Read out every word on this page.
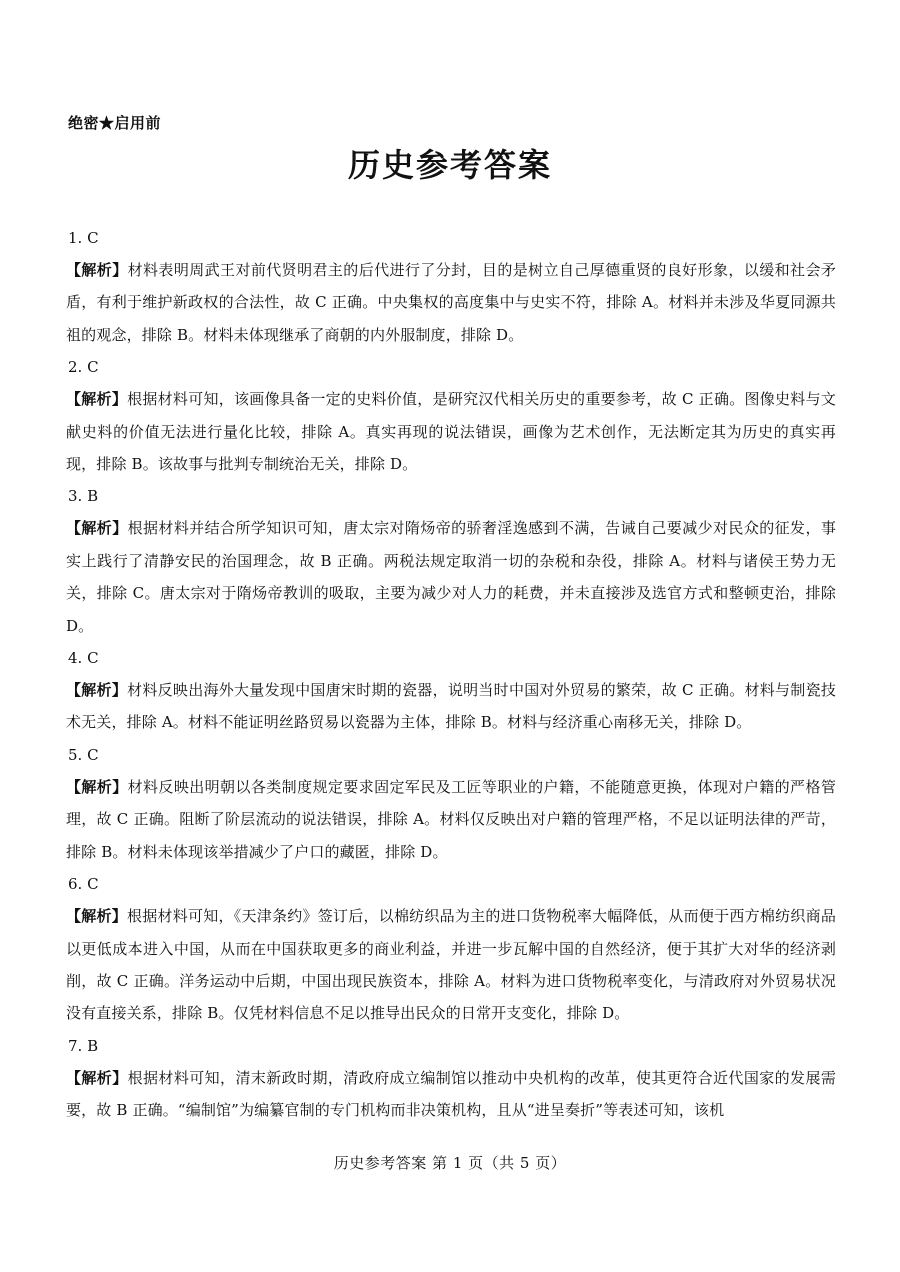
绝密★启用前
历史参考答案
1. C
【解析】材料表明周武王对前代贤明君主的后代进行了分封，目的是树立自己厚德重贤的良好形象，以缓和社会矛盾，有利于维护新政权的合法性，故 C 正确。中央集权的高度集中与史实不符，排除 A。材料并未涉及华夏同源共祖的观念，排除 B。材料未体现继承了商朝的内外服制度，排除 D。
2. C
【解析】根据材料可知，该画像具备一定的史料价值，是研究汉代相关历史的重要参考，故 C 正确。图像史料与文献史料的价值无法进行量化比较，排除 A。真实再现的说法错误，画像为艺术创作，无法断定其为历史的真实再现，排除 B。该故事与批判专制统治无关，排除 D。
3. B
【解析】根据材料并结合所学知识可知，唐太宗对隋炀帝的骄奢淫逸感到不满，告诫自己要减少对民众的征发，事实上践行了清静安民的治国理念，故 B 正确。两税法规定取消一切的杂税和杂役，排除 A。材料与诸侯王势力无关，排除 C。唐太宗对于隋炀帝教训的吸取，主要为减少对人力的耗费，并未直接涉及选官方式和整顿吏治，排除 D。
4. C
【解析】材料反映出海外大量发现中国唐宋时期的瓷器，说明当时中国对外贸易的繁荣，故 C 正确。材料与制瓷技术无关，排除 A。材料不能证明丝路贸易以瓷器为主体，排除 B。材料与经济重心南移无关，排除 D。
5. C
【解析】材料反映出明朝以各类制度规定要求固定军民及工匠等职业的户籍，不能随意更换，体现对户籍的严格管理，故 C 正确。阻断了阶层流动的说法错误，排除 A。材料仅反映出对户籍的管理严格，不足以证明法律的严苛，排除 B。材料未体现该举措减少了户口的藏匿，排除 D。
6. C
【解析】根据材料可知，《天津条约》签订后，以棉纺织品为主的进口货物税率大幅降低，从而便于西方棉纺织商品以更低成本进入中国，从而在中国获取更多的商业利益，并进一步瓦解中国的自然经济，便于其扩大对华的经济剥削，故 C 正确。洋务运动中后期，中国出现民族资本，排除 A。材料为进口货物税率变化，与清政府对外贸易状况没有直接关系，排除 B。仅凭材料信息不足以推导出民众的日常开支变化，排除 D。
7. B
【解析】根据材料可知，清末新政时期，清政府成立编制馆以推动中央机构的改革，使其更符合近代国家的发展需要，故 B 正确。“编制馆”为编纂官制的专门机构而非决策机构，且从“进呈奏折”等表述可知，该机
历史参考答案 第 1 页（共 5 页）
